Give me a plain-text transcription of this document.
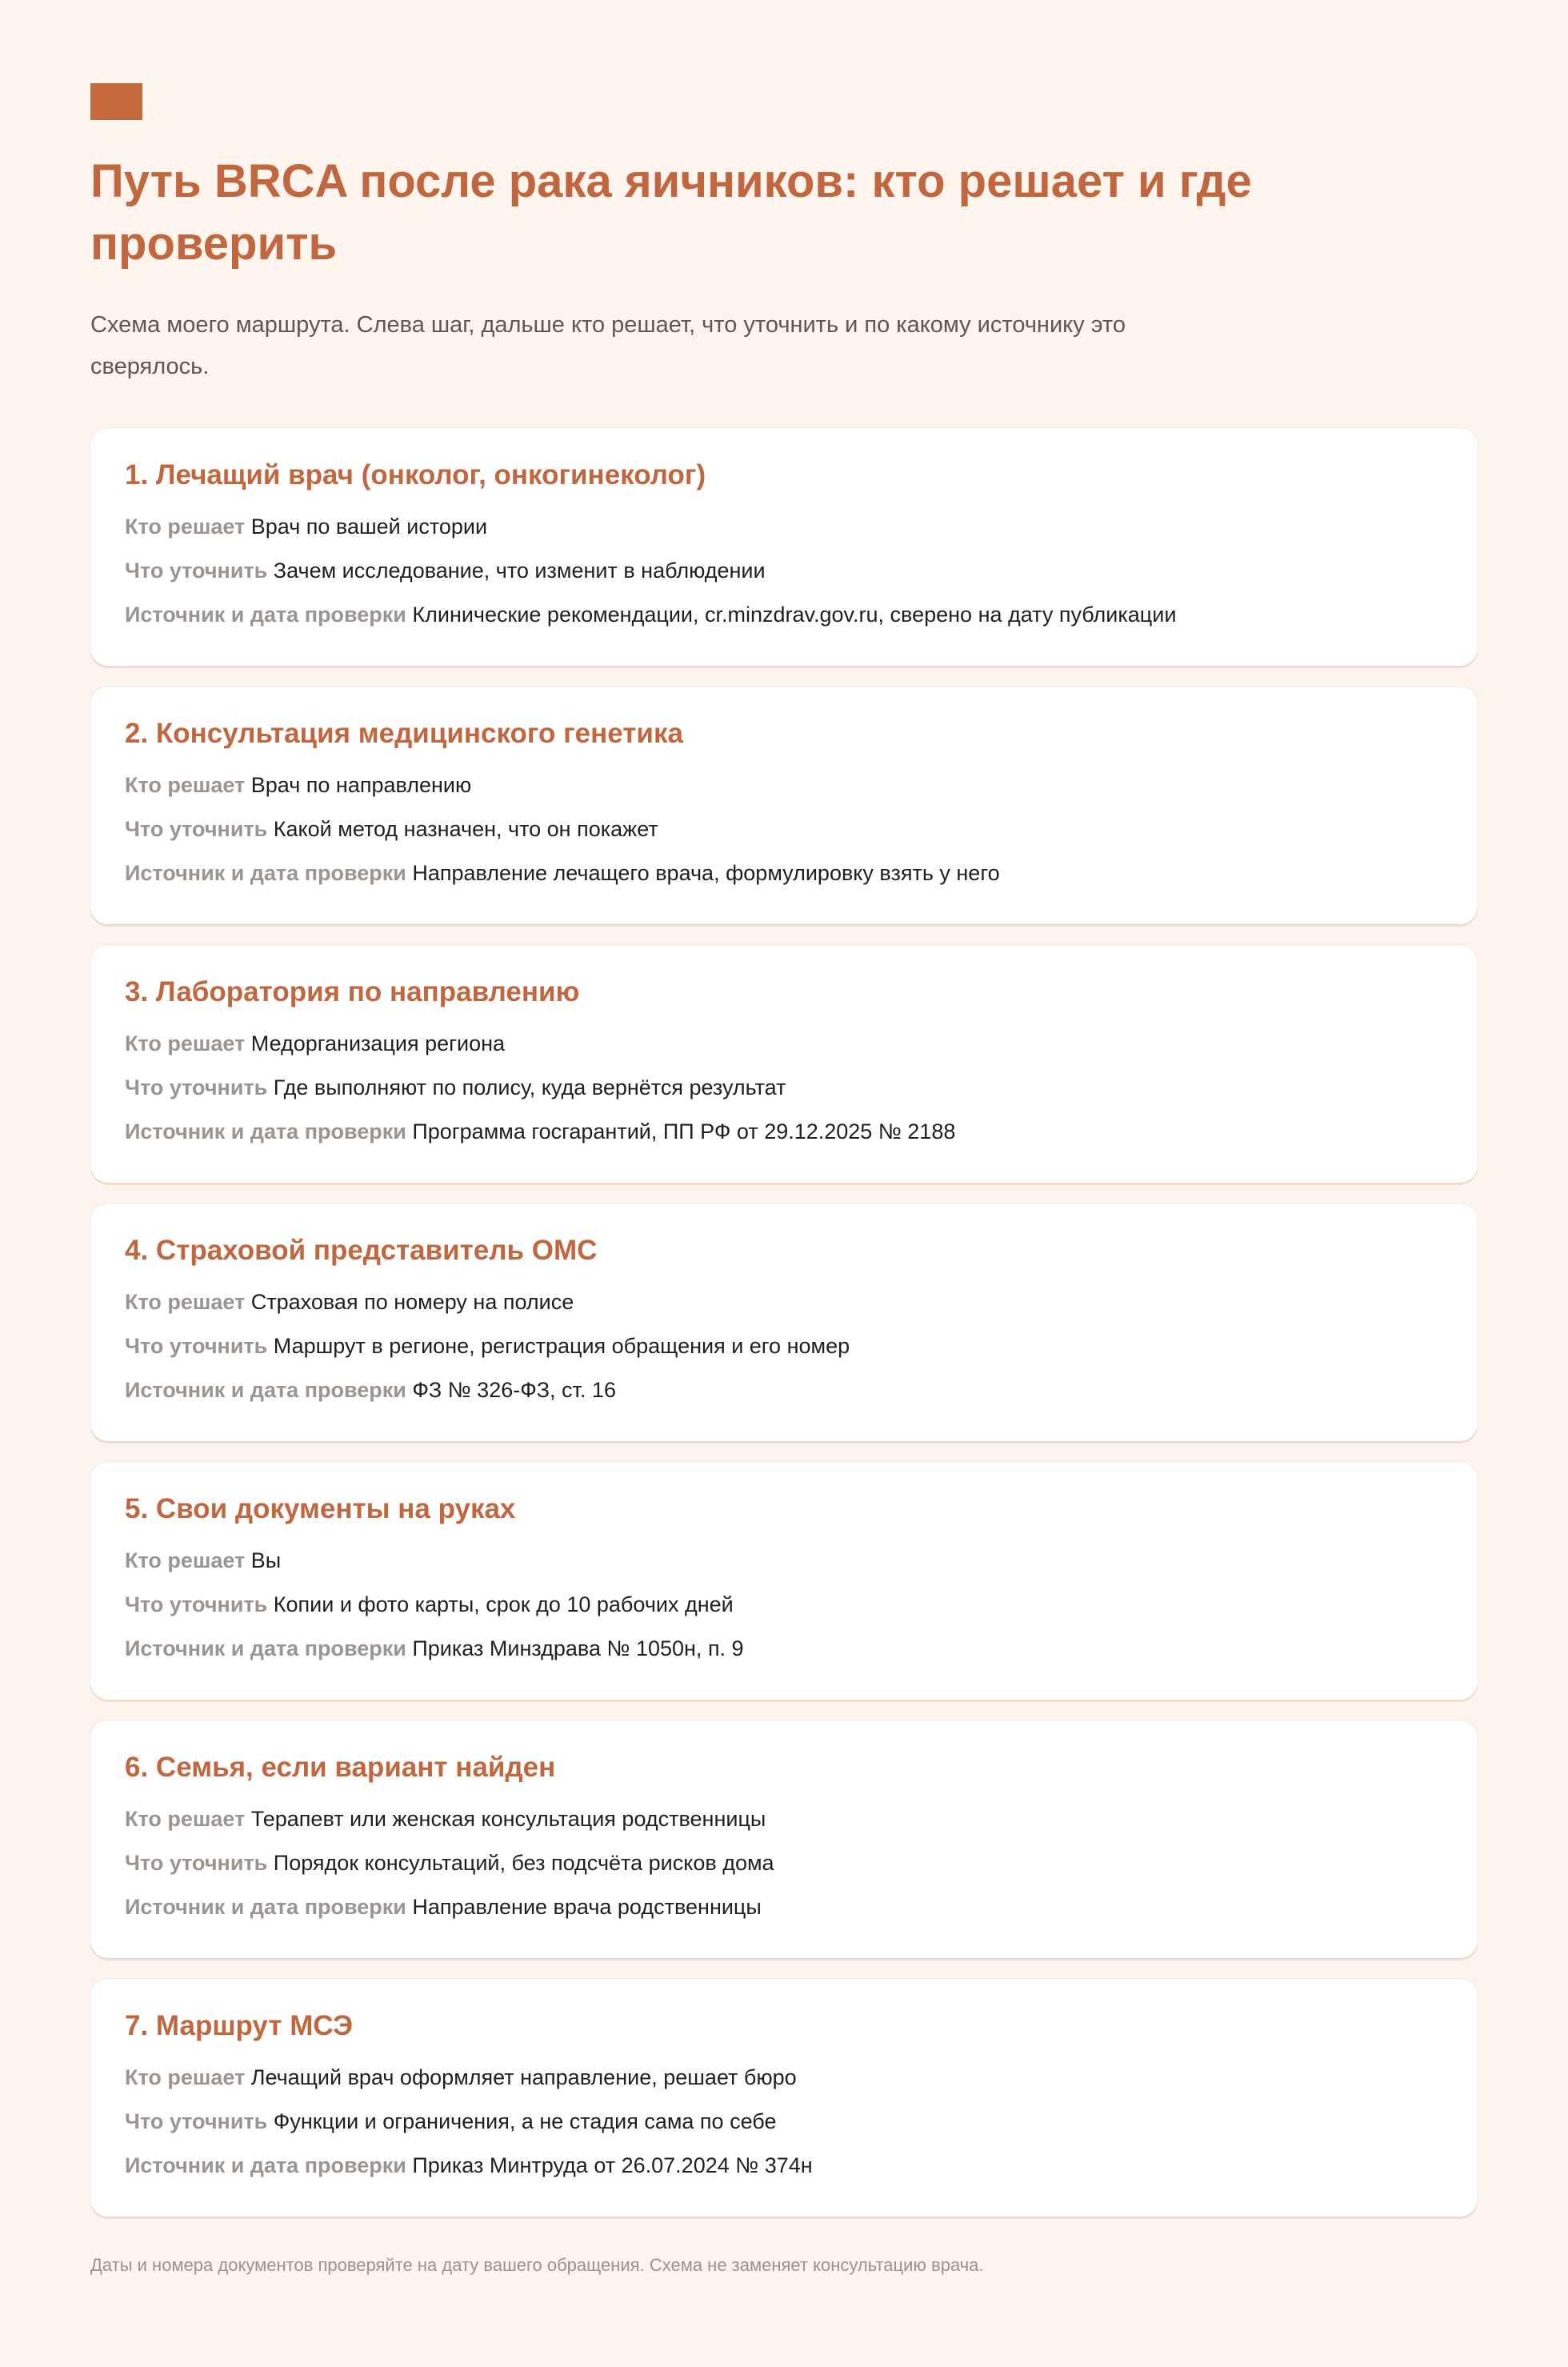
Путь BRCA после рака яичников: кто решает и где проверить

Схема моего маршрута. Слева шаг, дальше кто решает, что уточнить и по какому источнику это сверялось.

1. Лечащий врач (онколог, онкогинеколог)
Кто решает Врач по вашей истории
Что уточнить Зачем исследование, что изменит в наблюдении
Источник и дата проверки Клинические рекомендации, cr.minzdrav.gov.ru, сверено на дату публикации
2. Консультация медицинского генетика
Кто решает Врач по направлению
Что уточнить Какой метод назначен, что он покажет
Источник и дата проверки Направление лечащего врача, формулировку взять у него
3. Лаборатория по направлению
Кто решает Медорганизация региона
Что уточнить Где выполняют по полису, куда вернётся результат
Источник и дата проверки Программа госгарантий, ПП РФ от 29.12.2025 № 2188
4. Страховой представитель ОМС
Кто решает Страховая по номеру на полисе
Что уточнить Маршрут в регионе, регистрация обращения и его номер
Источник и дата проверки ФЗ № 326-ФЗ, ст. 16
5. Свои документы на руках
Кто решает Вы
Что уточнить Копии и фото карты, срок до 10 рабочих дней
Источник и дата проверки Приказ Минздрава № 1050н, п. 9
6. Семья, если вариант найден
Кто решает Терапевт или женская консультация родственницы
Что уточнить Порядок консультаций, без подсчёта рисков дома
Источник и дата проверки Направление врача родственницы
7. Маршрут МСЭ
Кто решает Лечащий врач оформляет направление, решает бюро
Что уточнить Функции и ограничения, а не стадия сама по себе
Источник и дата проверки Приказ Минтруда от 26.07.2024 № 374н

Даты и номера документов проверяйте на дату вашего обращения. Схема не заменяет консультацию врача.
